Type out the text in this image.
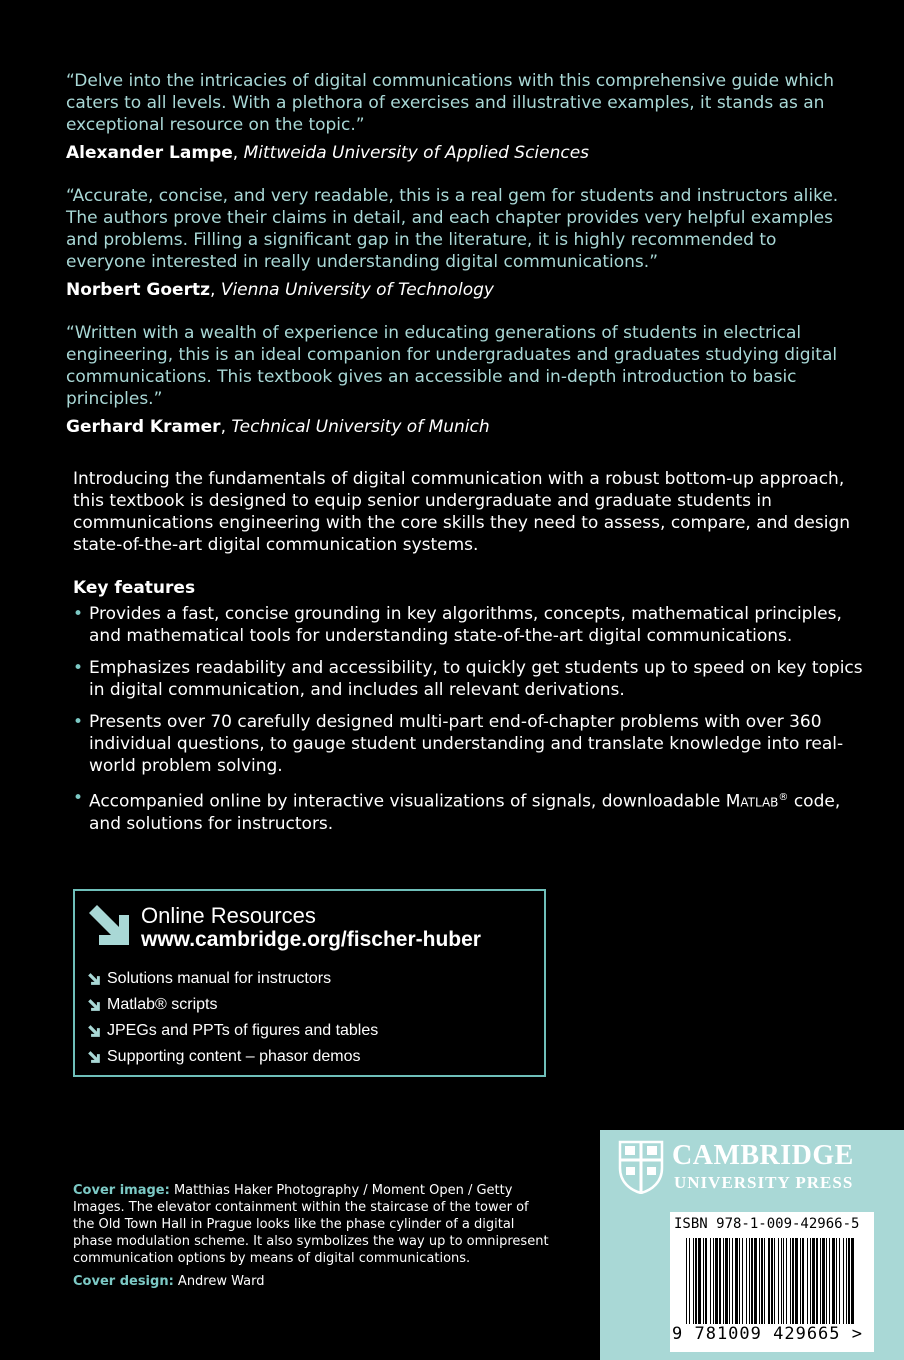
“Delve into the intricacies of digital communications with this comprehensive guide which caters to all levels. With a plethora of exercises and illustrative examples, it stands as an exceptional resource on the topic.”

Alexander Lampe, Mittweida University of Applied Sciences

“Accurate, concise, and very readable, this is a real gem for students and instructors alike. The authors prove their claims in detail, and each chapter provides very helpful examples and problems. Filling a significant gap in the literature, it is highly recommended to everyone interested in really understanding digital communications.”

Norbert Goertz, Vienna University of Technology

“Written with a wealth of experience in educating generations of students in electrical engineering, this is an ideal companion for undergraduates and graduates studying digital communications. This textbook gives an accessible and in-depth introduction to basic principles.”

Gerhard Kramer, Technical University of Munich
Introducing the fundamentals of digital communication with a robust bottom-up approach, this textbook is designed to equip senior undergraduate and graduate students in communications engineering with the core skills they need to assess, compare, and design state-of-the-art digital communication systems.
Key features
• Provides a fast, concise grounding in key algorithms, concepts, mathematical principles, and mathematical tools for understanding state-of-the-art digital communications.
• Emphasizes readability and accessibility, to quickly get students up to speed on key topics in digital communication, and includes all relevant derivations.
• Presents over 70 carefully designed multi-part end-of-chapter problems with over 360 individual questions, to gauge student understanding and translate knowledge into real-world problem solving.
• Accompanied online by interactive visualizations of signals, downloadable Matlab® code, and solutions for instructors.
Online Resources
www.cambridge.org/fischer-huber
Solutions manual for instructors
Matlab® scripts
JPEGs and PPTs of figures and tables
Supporting content – phasor demos
Cover image: Matthias Haker Photography / Moment Open / Getty Images. The elevator containment within the staircase of the tower of the Old Town Hall in Prague looks like the phase cylinder of a digital phase modulation scheme. It also symbolizes the way up to omnipresent communication options by means of digital communications.
Cover design: Andrew Ward
CAMBRIDGE
UNIVERSITY PRESS
ISBN 978-1-009-42966-5
9 781009 429665 >
